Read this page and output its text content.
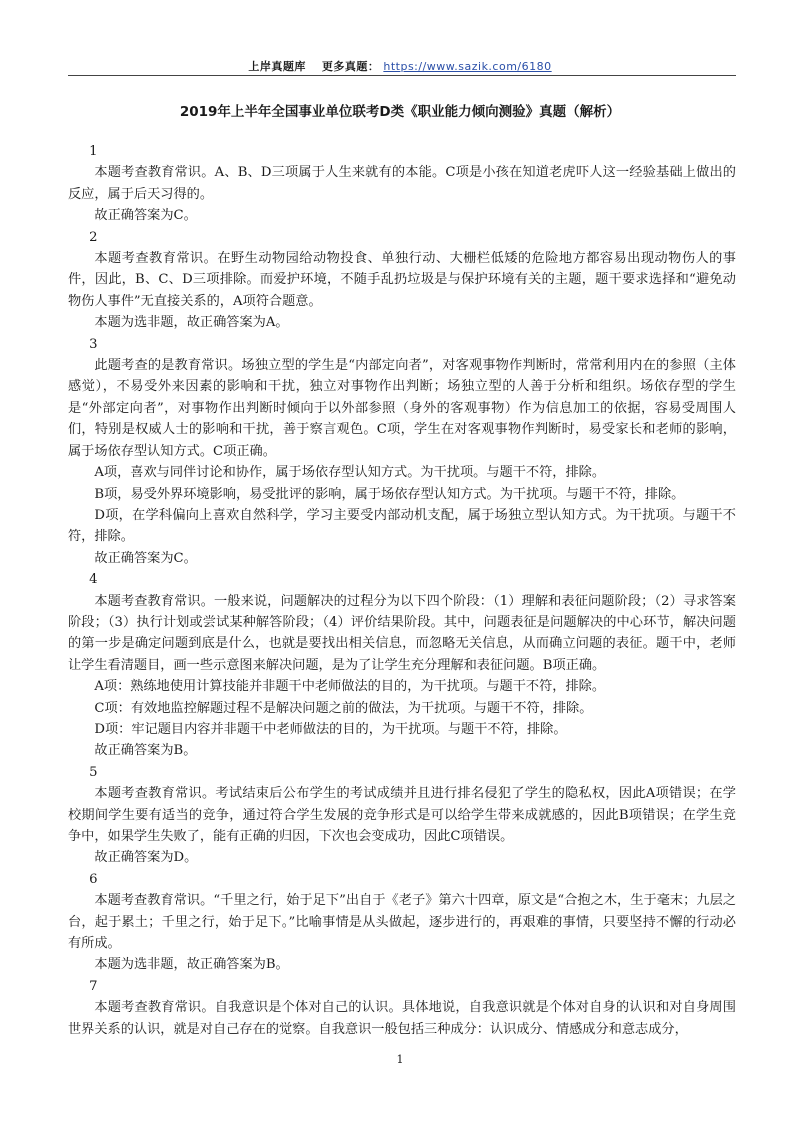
上岸真题库 更多真题： https://www.sazik.com/6180
2019年上半年全国事业单位联考D类《职业能力倾向测验》真题（解析）

1

本题考查教育常识。A、B、D三项属于人生来就有的本能。C项是小孩在知道老虎吓人这一经验基础上做出的反应，属于后天习得的。

故正确答案为C。

2

本题考查教育常识。在野生动物园给动物投食、单独行动、大栅栏低矮的危险地方都容易出现动物伤人的事件，因此，B、C、D三项排除。而爱护环境，不随手乱扔垃圾是与保护环境有关的主题，题干要求选择和“避免动物伤人事件”无直接关系的，A项符合题意。

本题为选非题，故正确答案为A。

3

此题考查的是教育常识。场独立型的学生是“内部定向者”，对客观事物作判断时，常常利用内在的参照（主体感觉），不易受外来因素的影响和干扰，独立对事物作出判断；场独立型的人善于分析和组织。场依存型的学生是“外部定向者”，对事物作出判断时倾向于以外部参照（身外的客观事物）作为信息加工的依据，容易受周围人们，特别是权威人士的影响和干扰，善于察言观色。C项，学生在对客观事物作判断时，易受家长和老师的影响，属于场依存型认知方式。C项正确。

A项，喜欢与同伴讨论和协作，属于场依存型认知方式。为干扰项。与题干不符，排除。

B项，易受外界环境影响，易受批评的影响，属于场依存型认知方式。为干扰项。与题干不符，排除。

D项，在学科偏向上喜欢自然科学，学习主要受内部动机支配，属于场独立型认知方式。为干扰项。与题干不符，排除。

故正确答案为C。

4

本题考查教育常识。一般来说，问题解决的过程分为以下四个阶段：（1）理解和表征问题阶段；（2）寻求答案阶段；（3）执行计划或尝试某种解答阶段；（4）评价结果阶段。其中，问题表征是问题解决的中心环节，解决问题的第一步是确定问题到底是什么，也就是要找出相关信息，而忽略无关信息，从而确立问题的表征。题干中，老师让学生看清题目，画一些示意图来解决问题，是为了让学生充分理解和表征问题。B项正确。

A项：熟练地使用计算技能并非题干中老师做法的目的，为干扰项。与题干不符，排除。

C项：有效地监控解题过程不是解决问题之前的做法，为干扰项。与题干不符，排除。

D项：牢记题目内容并非题干中老师做法的目的，为干扰项。与题干不符，排除。

故正确答案为B。

5

本题考查教育常识。考试结束后公布学生的考试成绩并且进行排名侵犯了学生的隐私权，因此A项错误；在学校期间学生要有适当的竞争，通过符合学生发展的竞争形式是可以给学生带来成就感的，因此B项错误；在学生竞争中，如果学生失败了，能有正确的归因，下次也会变成功，因此C项错误。

故正确答案为D。

6

本题考查教育常识。“千里之行，始于足下”出自于《老子》第六十四章，原文是“合抱之木，生于毫末；九层之台，起于累土；千里之行，始于足下。”比喻事情是从头做起，逐步进行的，再艰难的事情，只要坚持不懈的行动必有所成。

本题为选非题，故正确答案为B。

7

本题考查教育常识。自我意识是个体对自己的认识。具体地说，自我意识就是个体对自身的认识和对自身周围世界关系的认识，就是对自己存在的觉察。自我意识一般包括三种成分：认识成分、情感成分和意志成分，

1
